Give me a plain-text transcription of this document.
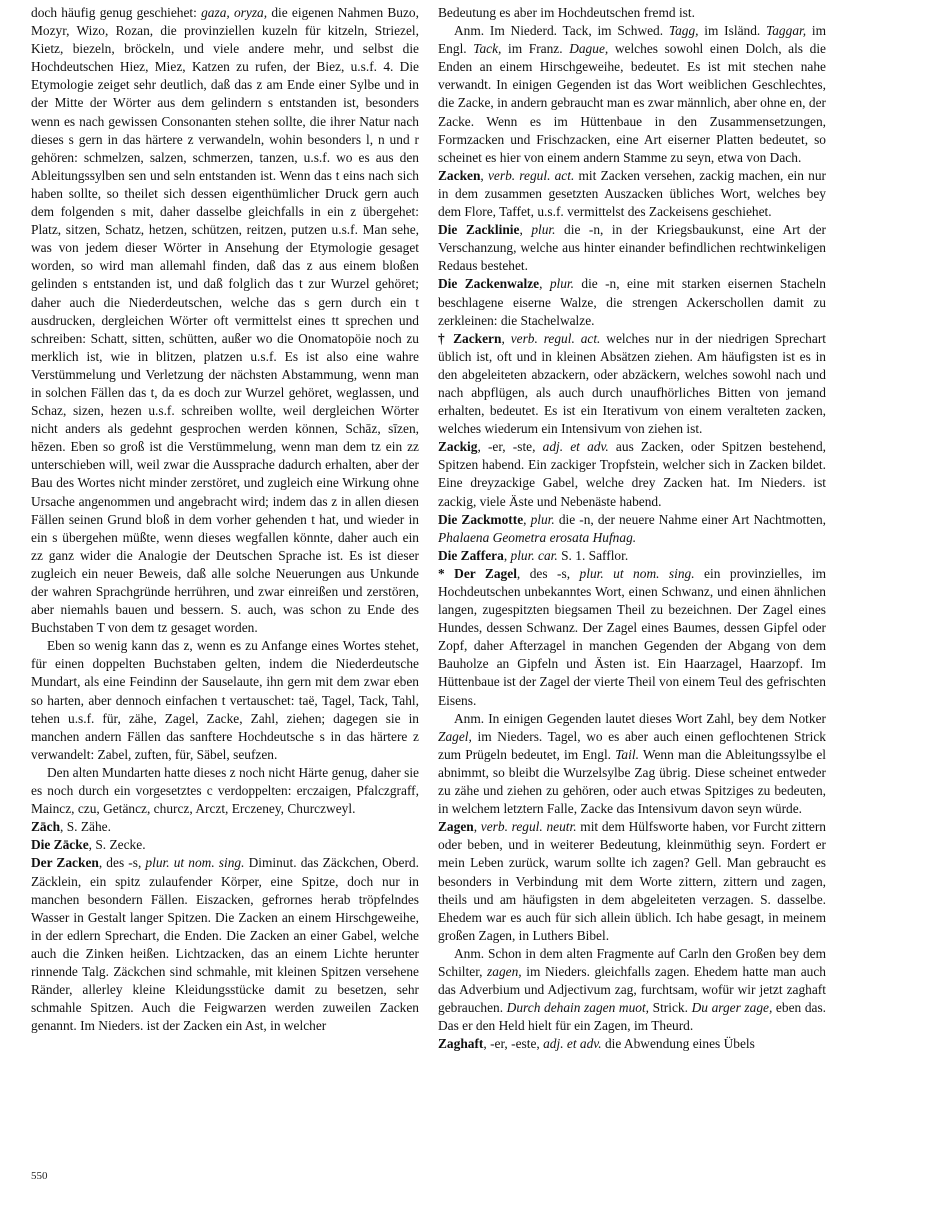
doch häufig genug geschiehet: gaza, oryza, die eigenen Nahmen Buzo, Mozyr, Wizo, Rozan, die provinziellen kuzeln für kitzeln, Striezel, Kietz, biezeln, bröckeln, und viele andere mehr, und selbst die Hochdeutschen Hiez, Miez, Katzen zu rufen, der Biez, u.s.f. 4. Die Etymologie zeiget sehr deutlich, daß das z am Ende einer Sylbe und in der Mitte der Wörter aus dem gelindern s entstanden ist, besonders wenn es nach gewissen Consonanten stehen sollte, die ihrer Natur nach dieses s gern in das härtere z verwandeln, wohin besonders l, n und r gehören: schmelzen, salzen, schmerzen, tanzen, u.s.f. wo es aus den Ableitungssylben sen und seln entstanden ist. Wenn das t eins nach sich haben sollte, so theilet sich dessen eigenthümlicher Druck gern auch dem folgenden s mit, daher dasselbe gleichfalls in ein z übergehet: Platz, sitzen, Schatz, hetzen, schützen, reitzen, putzen u.s.f. Man sehe, was von jedem dieser Wörter in Ansehung der Etymologie gesaget worden, so wird man allemahl finden, daß das z aus einem bloßen gelinden s entstanden ist, und daß folglich das t zur Wurzel gehöret; daher auch die Niederdeutschen, welche das s gern durch ein t ausdrucken, dergleichen Wörter oft vermittelst eines tt sprechen und schreiben: Schatt, sitten, schütten, außer wo die Onomatopöie noch zu merklich ist, wie in blitzen, platzen u.s.f. Es ist also eine wahre Verstümmelung und Verletzung der nächsten Abstammung, wenn man in solchen Fällen das t, da es doch zur Wurzel gehöret, weglassen, und Schaz, sizen, hezen u.s.f. schreiben wollte, weil dergleichen Wörter nicht anders als gedehnt gesprochen werden können, Schāz, sīzen, hēzen. Eben so groß ist die Verstümmelung, wenn man dem tz ein zz unterschieben will, weil zwar die Aussprache dadurch erhalten, aber der Bau des Wortes nicht minder zerstöret, und zugleich eine Wirkung ohne Ursache angenommen und angebracht wird; indem das z in allen diesen Fällen seinen Grund bloß in dem vorher gehenden t hat, und wieder in ein s übergehen müßte, wenn dieses wegfallen könnte, daher auch ein zz ganz wider die Analogie der Deutschen Sprache ist. Es ist dieser zugleich ein neuer Beweis, daß alle solche Neuerungen aus Unkunde der wahren Sprachgründe herrühren, und zwar einreißen und zerstören, aber niemahls bauen und bessern. S. auch, was schon zu Ende des Buchstaben T von dem tz gesaget worden.

Eben so wenig kann das z, wenn es zu Anfange eines Wortes stehet, für einen doppelten Buchstaben gelten, indem die Niederdeutsche Mundart, als eine Feindinn der Sauselaute, ihn gern mit dem zwar eben so harten, aber dennoch einfachen t vertauschet: taë, Tagel, Tack, Tahl, tehen u.s.f. für, zähe, Zagel, Zacke, Zahl, ziehen; dagegen sie in manchen andern Fällen das sanftere Hochdeutsche s in das härtere z verwandelt: Zabel, zuften, für, Säbel, seufzen.

Den alten Mundarten hatte dieses z noch nicht Härte genug, daher sie es noch durch ein vorgesetztes c verdoppelten: erczaigen, Pfalczgraff, Maincz, czu, Getäncz, churcz, Arczt, Erczeney, Churczweyl.

Zāch, S. Zähe.

Die Zācke, S. Zecke.

Der Zacken, des -s, plur. ut nom. sing. Diminut. das Zäckchen, Oberd. Zäcklein, ein spitz zulaufender Körper, eine Spitze, doch nur in manchen besondern Fällen. Eiszacken, gefrornes herab tröpfelndes Wasser in Gestalt langer Spitzen. Die Zacken an einem Hirschgeweihe, in der edlern Sprechart, die Enden. Die Zacken an einer Gabel, welche auch die Zinken heißen. Lichtzacken, das an einem Lichte herunter rinnende Talg. Zäckchen sind schmahle, mit kleinen Spitzen versehene Ränder, allerley kleine Kleidungsstücke damit zu besetzen, sehr schmahle Spitzen. Auch die Feigwarzen werden zuweilen Zacken genannt. Im Nieders. ist der Zacken ein Ast, in welcher

Bedeutung es aber im Hochdeutschen fremd ist.

Anm. Im Niederd. Tack, im Schwed. Tagg, im Isländ. Taggar, im Engl. Tack, im Franz. Dague, welches sowohl einen Dolch, als die Enden an einem Hirschgeweihe, bedeutet. Es ist mit stechen nahe verwandt. In einigen Gegenden ist das Wort weiblichen Geschlechtes, die Zacke, in andern gebraucht man es zwar männlich, aber ohne en, der Zacke. Wenn es im Hüttenbaue in den Zusammensetzungen, Formzacken und Frischzacken, eine Art eiserner Platten bedeutet, so scheinet es hier von einem andern Stamme zu seyn, etwa von Dach.

Zacken, verb. regul. act. mit Zacken versehen, zackig machen, ein nur in dem zusammen gesetzten Auszacken übliches Wort, welches bey dem Flore, Taffet, u.s.f. vermittelst des Zackeisens geschiehet.

Die Zacklinie, plur. die -n, in der Kriegsbaukunst, eine Art der Verschanzung, welche aus hinter einander befindlichen rechtwinkeligen Redaus bestehet.

Die Zackenwalze, plur. die -n, eine mit starken eisernen Stacheln beschlagene eiserne Walze, die strengen Ackerschollen damit zu zerkleinen: die Stachelwalze.

† Zackern, verb. regul. act. welches nur in der niedrigen Sprechart üblich ist, oft und in kleinen Absätzen ziehen. Am häufigsten ist es in den abgeleiteten abzackern, oder abzäckern, welches sowohl nach und nach abpflügen, als auch durch unaufhörliches Bitten von jemand erhalten, bedeutet. Es ist ein Iterativum von einem veralteten zacken, welches wiederum ein Intensivum von ziehen ist.

Zackig, -er, -ste, adj. et adv. aus Zacken, oder Spitzen bestehend, Spitzen habend. Ein zackiger Tropfstein, welcher sich in Zacken bildet. Eine dreyzackige Gabel, welche drey Zacken hat. Im Nieders. ist zackig, viele Äste und Nebenäste habend.

Die Zackmotte, plur. die -n, der neuere Nahme einer Art Nachtmotten, Phalaena Geometra erosata Hufnag.

Die Zaffera, plur. car. S. 1. Safflor.

* Der Zagel, des -s, plur. ut nom. sing. ein provinzielles, im Hochdeutschen unbekanntes Wort, einen Schwanz, und einen ähnlichen langen, zugespitzten biegsamen Theil zu bezeichnen. Der Zagel eines Hundes, dessen Schwanz. Der Zagel eines Baumes, dessen Gipfel oder Zopf, daher Afterzagel in manchen Gegenden der Abgang von dem Bauholze an Gipfeln und Ästen ist. Ein Haarzagel, Haarzopf. Im Hüttenbaue ist der Zagel der vierte Theil von einem Teul des gefrischten Eisens.

Anm. In einigen Gegenden lautet dieses Wort Zahl, bey dem Notker Zagel, im Nieders. Tagel, wo es aber auch einen geflochtenen Strick zum Prügeln bedeutet, im Engl. Tail. Wenn man die Ableitungssylbe el abnimmt, so bleibt die Wurzelsylbe Zag übrig. Diese scheinet entweder zu zähe und ziehen zu gehören, oder auch etwas Spitziges zu bedeuten, in welchem letztern Falle, Zacke das Intensivum davon seyn würde.

Zagen, verb. regul. neutr. mit dem Hülfsworte haben, vor Furcht zittern oder beben, und in weiterer Bedeutung, kleinmüthig seyn. Fordert er mein Leben zurück, warum sollte ich zagen? Gell. Man gebraucht es besonders in Verbindung mit dem Worte zittern, zittern und zagen, theils und am häufigsten in dem abgeleiteten verzagen. S. dasselbe. Ehedem war es auch für sich allein üblich. Ich habe gesagt, in meinem großen Zagen, in Luthers Bibel.

Anm. Schon in dem alten Fragmente auf Carln den Großen bey dem Schilter, zagen, im Nieders. gleichfalls zagen. Ehedem hatte man auch das Adverbium und Adjectivum zag, furchtsam, wofür wir jetzt zaghaft gebrauchen. Durch dehain zagen muot, Strick. Du arger zage, eben das. Das er den Held hielt für ein Zagen, im Theurd.

Zaghaft, -er, -este, adj. et adv. die Abwendung eines Übels

550
